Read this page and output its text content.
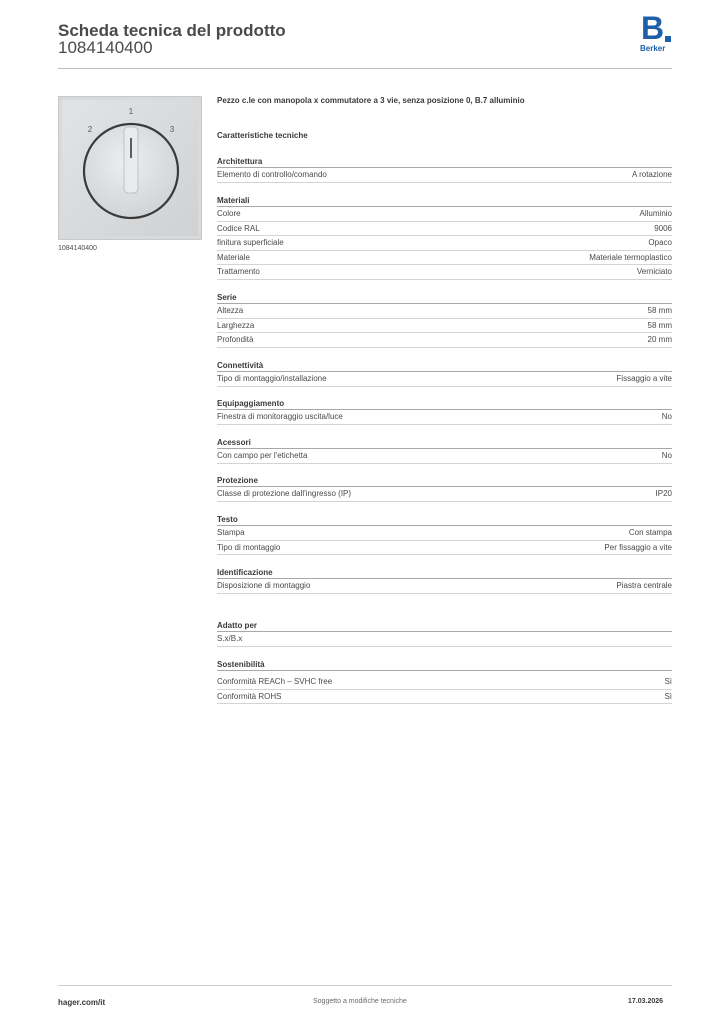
Scheda tecnica del prodotto
1084140400
B
Berker
1
2	3
1084140400
Pezzo c.le con manopola x commutatore a 3 vie, senza posizione 0, B.7 alluminio
Caratteristiche tecniche
Architettura
Elemento di controllo/comando	A rotazione
Materiali
Colore	Alluminio
Codice RAL	9006
finitura superficiale	Opaco
Materiale	Materiale termoplastico
Trattamento	Verniciato
Serie
Altezza	58 mm
Larghezza	58 mm
Profondità	20 mm
Connettività
Tipo di montaggio/installazione	Fissaggio a vite
Equipaggiamento
Finestra di monitoraggio uscita/luce	No
Acessori
Con campo per l'etichetta	No
Protezione
Classe di protezione dall'ingresso (IP)	IP20
Testo
Stampa	Con stampa
Tipo di montaggio	Per fissaggio a vite
Identificazione
Disposizione di montaggio	Piastra centrale
Adatto per
S.x/B.x
Sostenibilità
Conformità REACh – SVHC free	Sì
Conformità ROHS	Sì
hager.com/it	Soggetto a modifiche tecniche	17.03.2026
